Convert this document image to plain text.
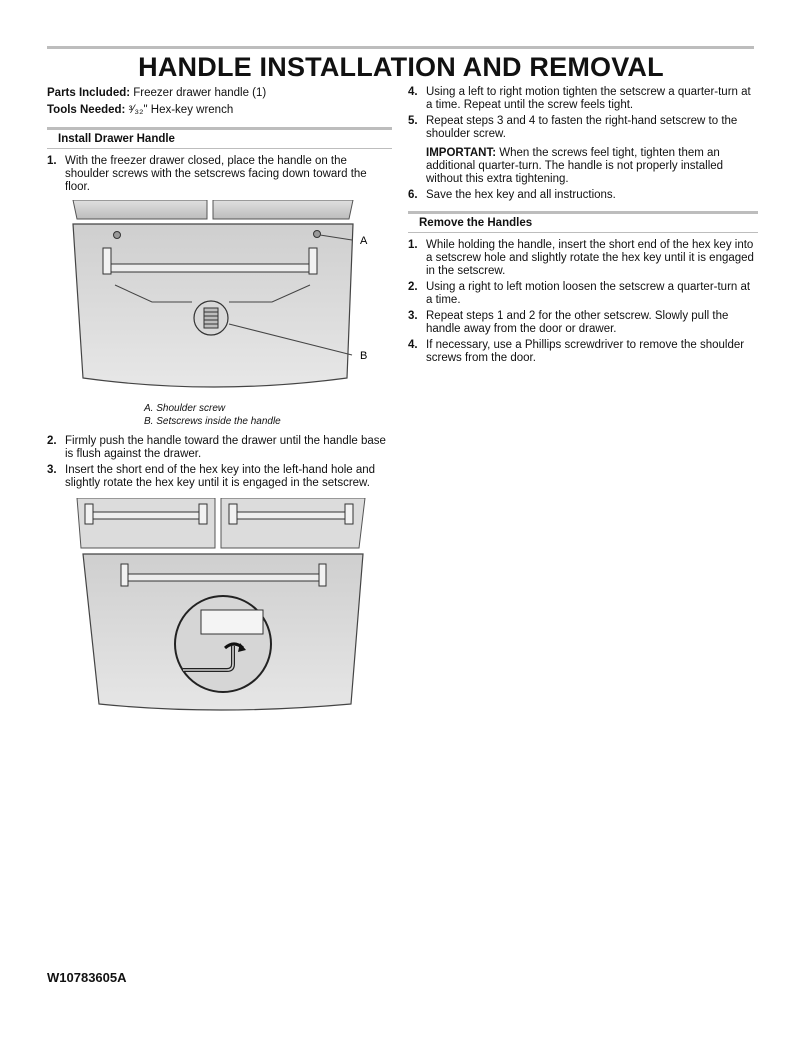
HANDLE INSTALLATION AND REMOVAL

Parts Included: Freezer drawer handle (1)

Tools Needed: ³⁄₃₂" Hex-key wrench

Install Drawer Handle
1. With the freezer drawer closed, place the handle on the shoulder screws with the setscrews facing down toward the floor.
A
B

A. Shoulder screw

B. Setscrews inside the handle

2. Firmly push the handle toward the drawer until the handle base is flush against the drawer.
3. Insert the short end of the hex key into the left-hand hole and slightly rotate the hex key until it is engaged in the setscrew.
4. Using a left to right motion tighten the setscrew a quarter-turn at a time. Repeat until the screw feels tight.
5. Repeat steps 3 and 4 to fasten the right-hand setscrew to the shoulder screw.

IMPORTANT: When the screws feel tight, tighten them an additional quarter-turn. The handle is not properly installed without this extra tightening.

6. Save the hex key and all instructions.
Remove the Handles
1. While holding the handle, insert the short end of the hex key into a setscrew hole and slightly rotate the hex key until it is engaged in the setscrew.
2. Using a right to left motion loosen the setscrew a quarter-turn at a time.
3. Repeat steps 1 and 2 for the other setscrew. Slowly pull the handle away from the door or drawer.
4. If necessary, use a Phillips screwdriver to remove the shoulder screws from the door.
W10783605A
